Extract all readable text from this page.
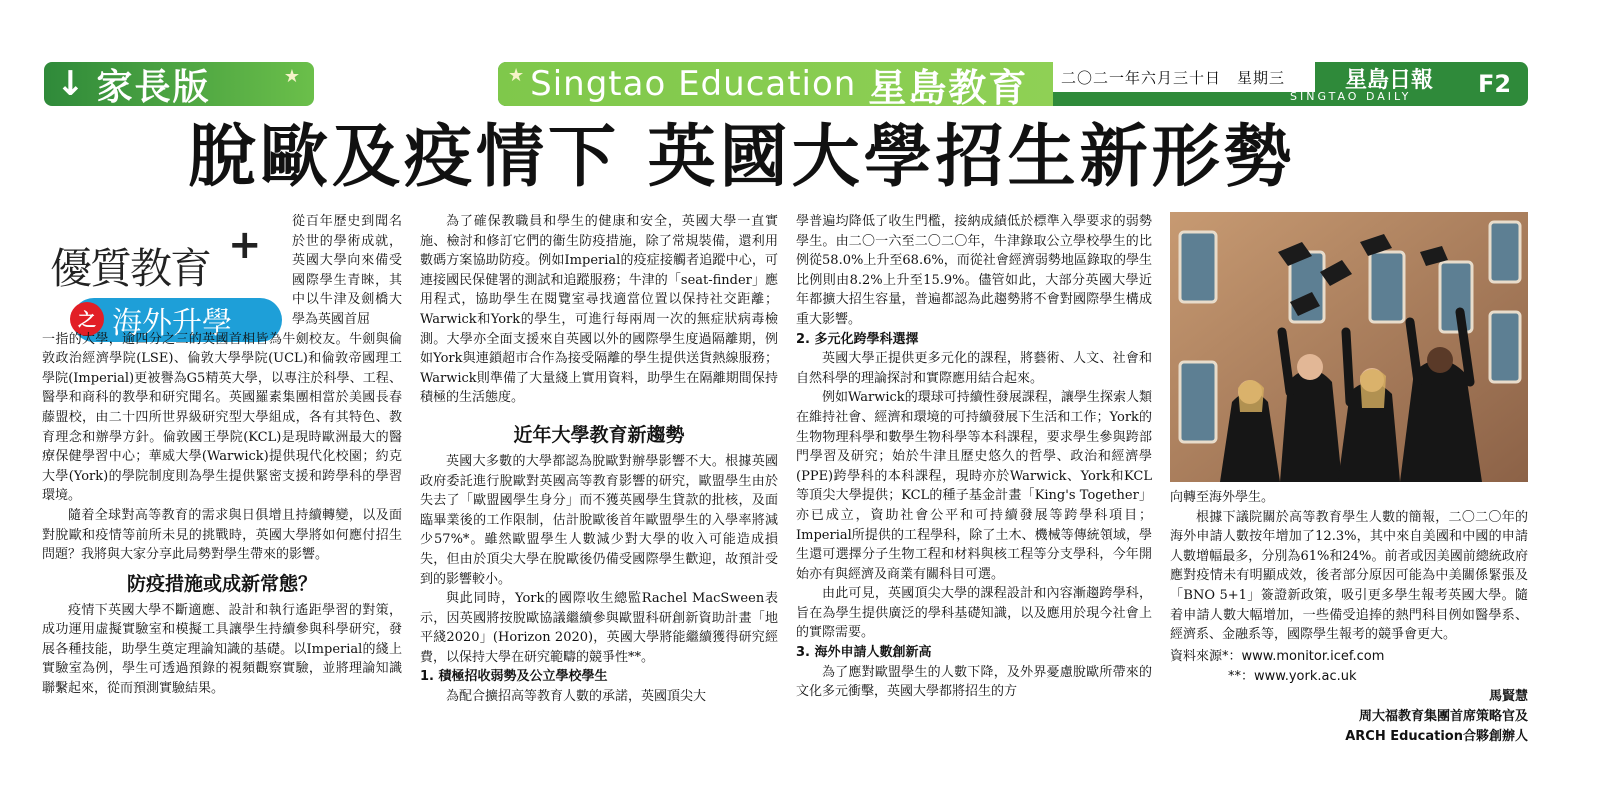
↓ 家長版	★	★ Singtao Education 星島教育	二〇二一年六月三十日　星期三	星島日報
SINGTAO DAILY	F2
脫歐及疫情下 英國大學招生新形勢
優質教育 +
海外升學
之

從百年歷史到聞名於世的學術成就，英國大學向來備受國際學生青睞，其中以牛津及劍橋大學為英國首屈

一指的大學，逾四分之三的英國首相皆為牛劍校友。牛劍與倫敦政治經濟學院(LSE)、倫敦大學學院(UCL)和倫敦帝國理工學院(Imperial)更被譽為G5精英大學，以專注於科學、工程、醫學和商科的教學和研究聞名。英國羅素集團相當於美國長春藤盟校，由二十四所世界級研究型大學組成，各有其特色、教育理念和辦學方針。倫敦國王學院(KCL)是現時歐洲最大的醫療保健學習中心；華威大學(Warwick)提供現代化校園；約克大學(York)的學院制度則為學生提供緊密支援和跨學科的學習環境。

隨着全球對高等教育的需求與日俱增且持續轉變，以及面對脫歐和疫情等前所未見的挑戰時，英國大學將如何應付招生問題？我將與大家分享此局勢對學生帶來的影響。

防疫措施或成新常態？

疫情下英國大學不斷適應、設計和執行遙距學習的對策，成功運用虛擬實驗室和模擬工具讓學生持續參與科學研究，發展各種技能，助學生奠定理論知識的基礎。以Imperial的綫上實驗室為例，學生可透過預錄的視頻觀察實驗，並將理論知識聯繫起來，從而預測實驗結果。

為了確保教職員和學生的健康和安全，英國大學一直實施、檢討和修訂它們的衞生防疫措施，除了常規裝備，還利用數碼方案協助防疫。例如Imperial的疫症接觸者追蹤中心，可連接國民保健署的測試和追蹤服務；牛津的「seat-finder」應用程式，協助學生在閱覽室尋找適當位置以保持社交距離；Warwick和York的學生，可進行每兩周一次的無症狀病毒檢測。大學亦全面支援來自英國以外的國際學生度過隔離期，例如York與連鎖超市合作為接受隔離的學生提供送貨熱線服務；Warwick則準備了大量綫上實用資料，助學生在隔離期間保持積極的生活態度。

近年大學教育新趨勢

英國大多數的大學都認為脫歐對辦學影響不大。根據英國政府委託進行脫歐對英國高等教育影響的研究，歐盟學生由於失去了「歐盟國學生身分」而不獲英國學生貸款的批核，及面臨畢業後的工作限制，估計脫歐後首年歐盟學生的入學率將減少57%*。雖然歐盟學生人數減少對大學的收入可能造成損失，但由於頂尖大學在脫歐後仍備受國際學生歡迎，故預計受到的影響較小。

與此同時，York的國際收生總監Rachel MacSween表示，因英國將按脫歐協議繼續參與歐盟科研創新資助計畫「地平綫2020」(Horizon 2020)，英國大學將能繼續獲得研究經費，以保持大學在研究範疇的競爭性**。

1. 積極招收弱勢及公立學校學生

為配合擴招高等教育人數的承諾，英國頂尖大

學普遍均降低了收生門檻，接納成績低於標準入學要求的弱勢學生。由二〇一六至二〇二〇年，牛津錄取公立學校學生的比例從58.0%上升至68.6%，而從社會經濟弱勢地區錄取的學生比例則由8.2%上升至15.9%。儘管如此，大部分英國大學近年都擴大招生容量，普遍都認為此趨勢將不會對國際學生構成重大影響。

2. 多元化跨學科選擇

英國大學正提供更多元化的課程，將藝術、人文、社會和自然科學的理論探討和實際應用結合起來。

例如Warwick的環球可持續性發展課程，讓學生探索人類在維持社會、經濟和環境的可持續發展下生活和工作；York的生物物理科學和數學生物科學等本科課程，要求學生參與跨部門學習及研究；始於牛津且歷史悠久的哲學、政治和經濟學(PPE)跨學科的本科課程，現時亦於Warwick、York和KCL等頂尖大學提供；KCL的種子基金計畫「King's Together」亦已成立，資助社會公平和可持續發展等跨學科項目；Imperial所提供的工程學科，除了土木、機械等傳統領域，學生還可選擇分子生物工程和材料與核工程等分支學科，今年開始亦有與經濟及商業有關科目可選。

由此可見，英國頂尖大學的課程設計和內容漸趨跨學科，旨在為學生提供廣泛的學科基礎知識，以及應用於現今社會上的實際需要。

3. 海外申請人數創新高

為了應對歐盟學生的人數下降，及外界憂慮脫歐所帶來的文化多元衝擊，英國大學都將招生的方

向轉至海外學生。

根據下議院關於高等教育學生人數的簡報，二〇二〇年的海外申請人數按年增加了12.3%，其中來自美國和中國的申請人數增幅最多，分別為61%和24%。前者或因美國前總統政府應對疫情未有明顯成效，後者部分原因可能為中美關係緊張及「BNO 5+1」簽證新政策，吸引更多學生報考英國大學。隨着申請人數大幅增加，一些備受追捧的熱門科目例如醫學系、經濟系、金融系等，國際學生報考的競爭會更大。

資料來源*：www.monitor.icef.com
**：www.york.ac.uk
馬賢慧
周大福教育集團首席策略官及
ARCH Education合夥創辦人
